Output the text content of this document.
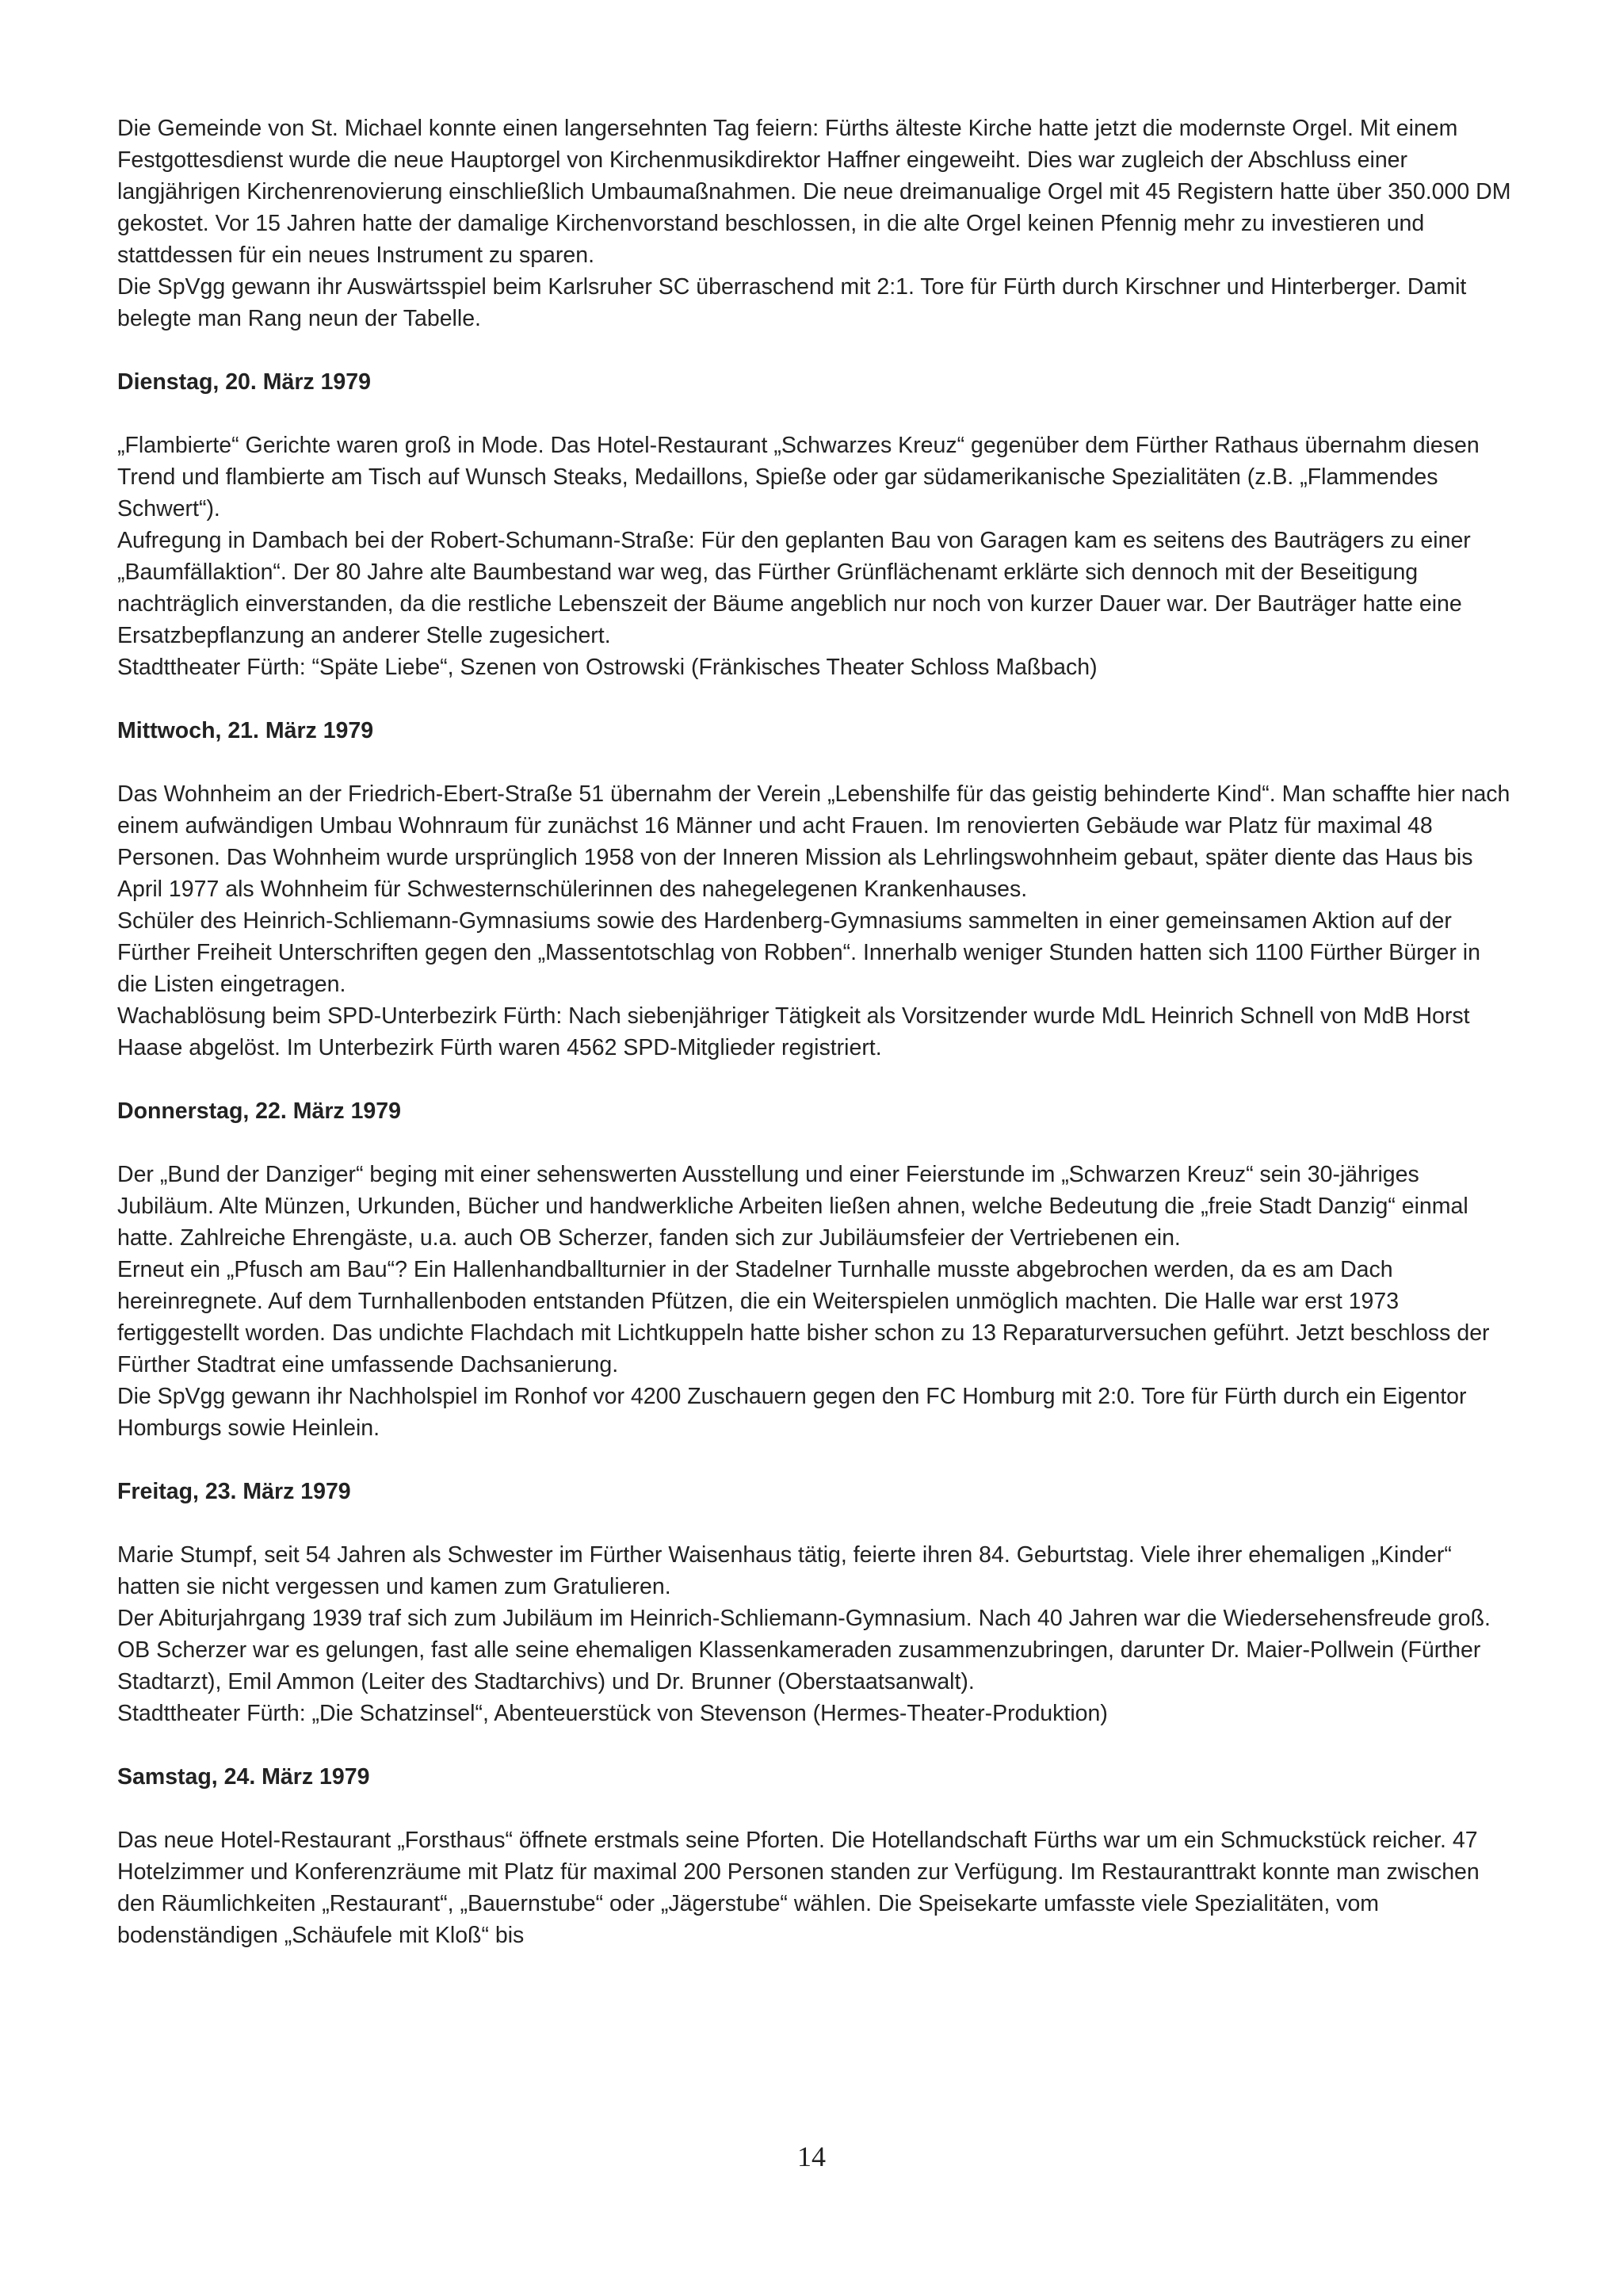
Die Gemeinde von St. Michael konnte einen langersehnten Tag feiern: Fürths älteste Kirche hatte jetzt die modernste Orgel. Mit einem Festgottesdienst wurde die neue Hauptorgel von Kirchenmusikdirektor Haffner eingeweiht. Dies war zugleich der Abschluss einer langjährigen Kirchenrenovierung einschließlich Umbaumaßnahmen. Die neue dreimanualige Orgel mit 45 Registern hatte über 350.000 DM gekostet. Vor 15 Jahren hatte der damalige Kirchenvorstand beschlossen, in die alte Orgel keinen Pfennig mehr zu investieren und stattdessen für ein neues Instrument zu sparen.

Die SpVgg gewann ihr Auswärtsspiel beim Karlsruher SC überraschend mit 2:1. Tore für Fürth durch Kirschner und Hinterberger. Damit belegte man Rang neun der Tabelle.

Dienstag, 20. März 1979

„Flambierte“ Gerichte waren groß in Mode. Das Hotel-Restaurant „Schwarzes Kreuz“ gegenüber dem Fürther Rathaus übernahm diesen Trend und flambierte am Tisch auf Wunsch Steaks, Medaillons, Spieße oder gar südamerikanische Spezialitäten (z.B. „Flammendes Schwert“).

Aufregung in Dambach bei der Robert-Schumann-Straße: Für den geplanten Bau von Garagen kam es seitens des Bauträgers zu einer „Baumfällaktion“. Der 80 Jahre alte Baumbestand war weg, das Fürther Grünflächenamt erklärte sich dennoch mit der Beseitigung nachträglich einverstanden, da die restliche Lebenszeit der Bäume angeblich nur noch von kurzer Dauer war. Der Bauträger hatte eine Ersatzbepflanzung an anderer Stelle zugesichert.

Stadttheater Fürth: “Späte Liebe“, Szenen von Ostrowski (Fränkisches Theater Schloss Maßbach)

Mittwoch, 21. März 1979

Das Wohnheim an der Friedrich-Ebert-Straße 51 übernahm der Verein „Lebenshilfe für das geistig behinderte Kind“. Man schaffte hier nach einem aufwändigen Umbau Wohnraum für zunächst 16 Männer und acht Frauen. Im renovierten Gebäude war Platz für maximal 48 Personen. Das Wohnheim wurde ursprünglich 1958 von der Inneren Mission als Lehrlingswohnheim gebaut, später diente das Haus bis April 1977 als Wohnheim für Schwesternschülerinnen des nahegelegenen Krankenhauses.

Schüler des Heinrich-Schliemann-Gymnasiums sowie des Hardenberg-Gymnasiums sammelten in einer gemeinsamen Aktion auf der Fürther Freiheit Unterschriften gegen den „Massentotschlag von Robben“. Innerhalb weniger Stunden hatten sich 1100 Fürther Bürger in die Listen eingetragen.

Wachablösung beim SPD-Unterbezirk Fürth: Nach siebenjähriger Tätigkeit als Vorsitzender wurde MdL Heinrich Schnell von MdB Horst Haase abgelöst. Im Unterbezirk Fürth waren 4562 SPD-Mitglieder registriert.

Donnerstag, 22. März 1979

Der „Bund der Danziger“ beging mit einer sehenswerten Ausstellung und einer Feierstunde im „Schwarzen Kreuz“ sein 30-jähriges Jubiläum. Alte Münzen, Urkunden, Bücher und handwerkliche Arbeiten ließen ahnen, welche Bedeutung die „freie Stadt Danzig“ einmal hatte. Zahlreiche Ehrengäste, u.a. auch OB Scherzer, fanden sich zur Jubiläumsfeier der Vertriebenen ein.

Erneut ein „Pfusch am Bau“? Ein Hallenhandballturnier in der Stadelner Turnhalle musste abgebrochen werden, da es am Dach hereinregnete. Auf dem Turnhallenboden entstanden Pfützen, die ein Weiterspielen unmöglich machten. Die Halle war erst 1973 fertiggestellt worden. Das undichte Flachdach mit Lichtkuppeln hatte bisher schon zu 13 Reparaturversuchen geführt. Jetzt beschloss der Fürther Stadtrat eine umfassende Dachsanierung.

Die SpVgg gewann ihr Nachholspiel im Ronhof vor 4200 Zuschauern gegen den FC Homburg mit 2:0. Tore für Fürth durch ein Eigentor Homburgs sowie Heinlein.

Freitag, 23. März 1979

Marie Stumpf, seit 54 Jahren als Schwester im Fürther Waisenhaus tätig, feierte ihren 84. Geburtstag. Viele ihrer ehemaligen „Kinder“ hatten sie nicht vergessen und kamen zum Gratulieren.

Der Abiturjahrgang 1939 traf sich zum Jubiläum im Heinrich-Schliemann-Gymnasium. Nach 40 Jahren war die Wiedersehensfreude groß. OB Scherzer war es gelungen, fast alle seine ehemaligen Klassenkameraden zusammenzubringen, darunter Dr. Maier-Pollwein (Fürther Stadtarzt), Emil Ammon (Leiter des Stadtarchivs) und Dr. Brunner (Oberstaatsanwalt).

Stadttheater Fürth: „Die Schatzinsel“, Abenteuerstück von Stevenson (Hermes-Theater-Produktion)

Samstag, 24. März 1979

Das neue Hotel-Restaurant „Forsthaus“ öffnete erstmals seine Pforten. Die Hotellandschaft Fürths war um ein Schmuckstück reicher. 47 Hotelzimmer und Konferenzräume mit Platz für maximal 200 Personen standen zur Verfügung. Im Restauranttrakt konnte man zwischen den Räumlichkeiten „Restaurant“, „Bauernstube“ oder „Jägerstube“ wählen. Die Speisekarte umfasste viele Spezialitäten, vom bodenständigen „Schäufele mit Kloß“ bis

14
